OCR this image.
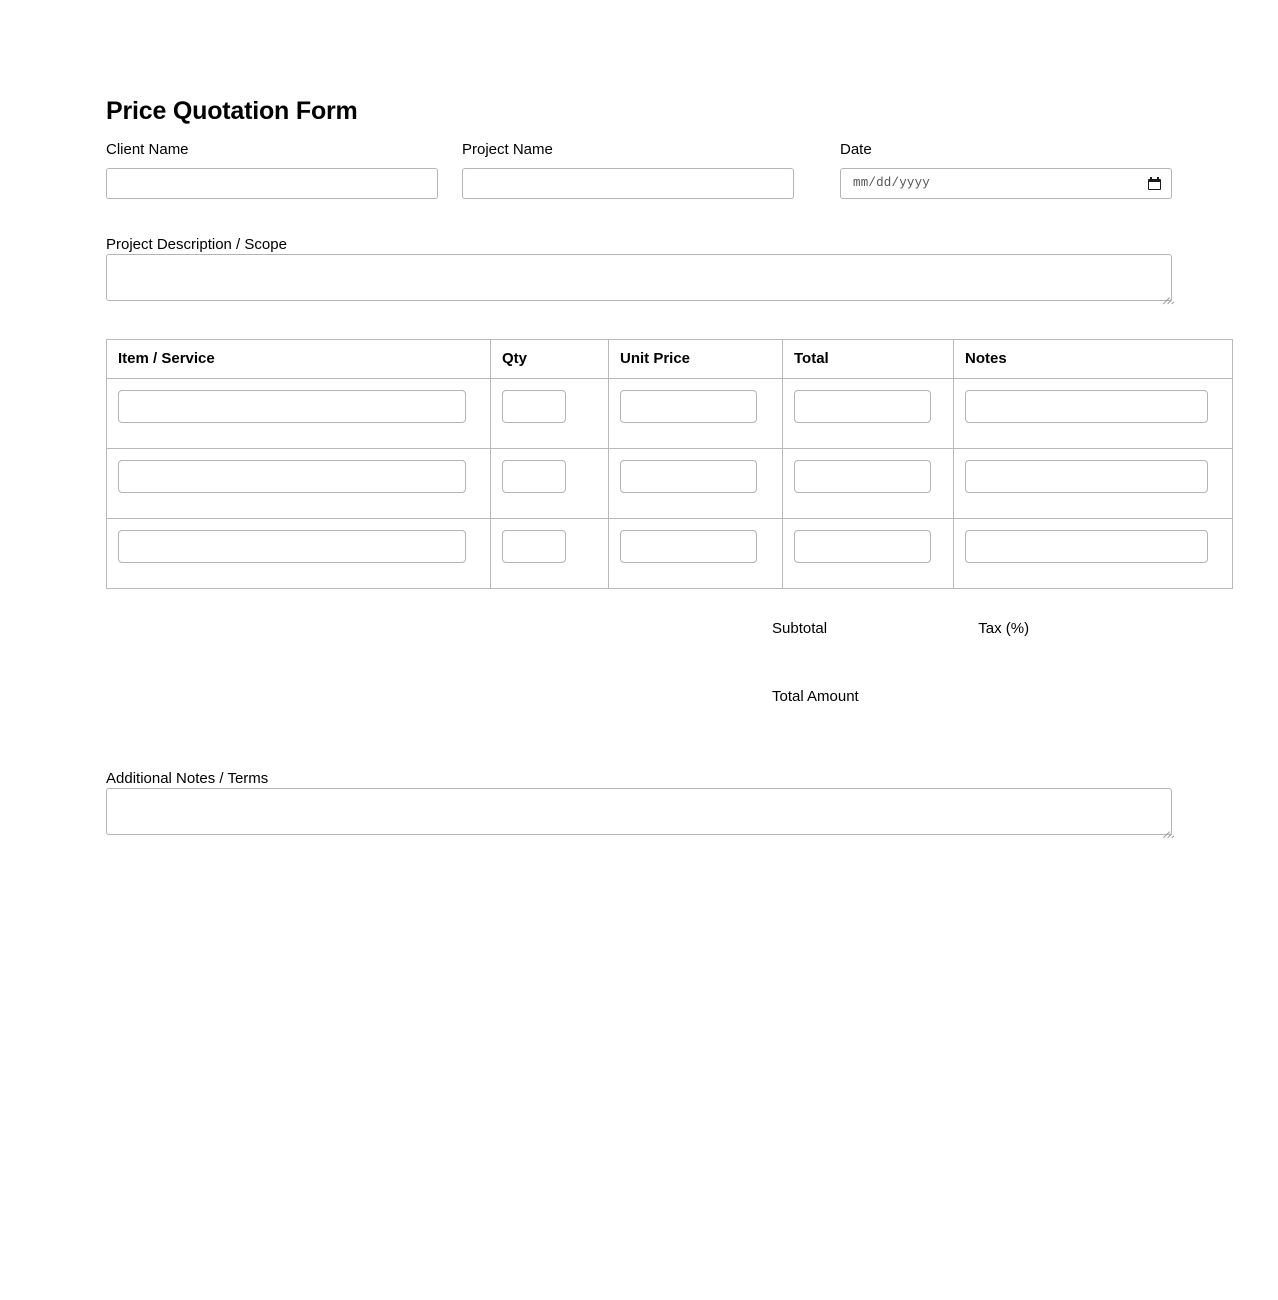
Price Quotation Form
Client Name	Project Name	Date
mm/dd/yyyy
Project Description / Scope
Item / Service	Qty	Unit Price	Total	Notes

Subtotal	Tax (%)
Total Amount
Additional Notes / Terms
